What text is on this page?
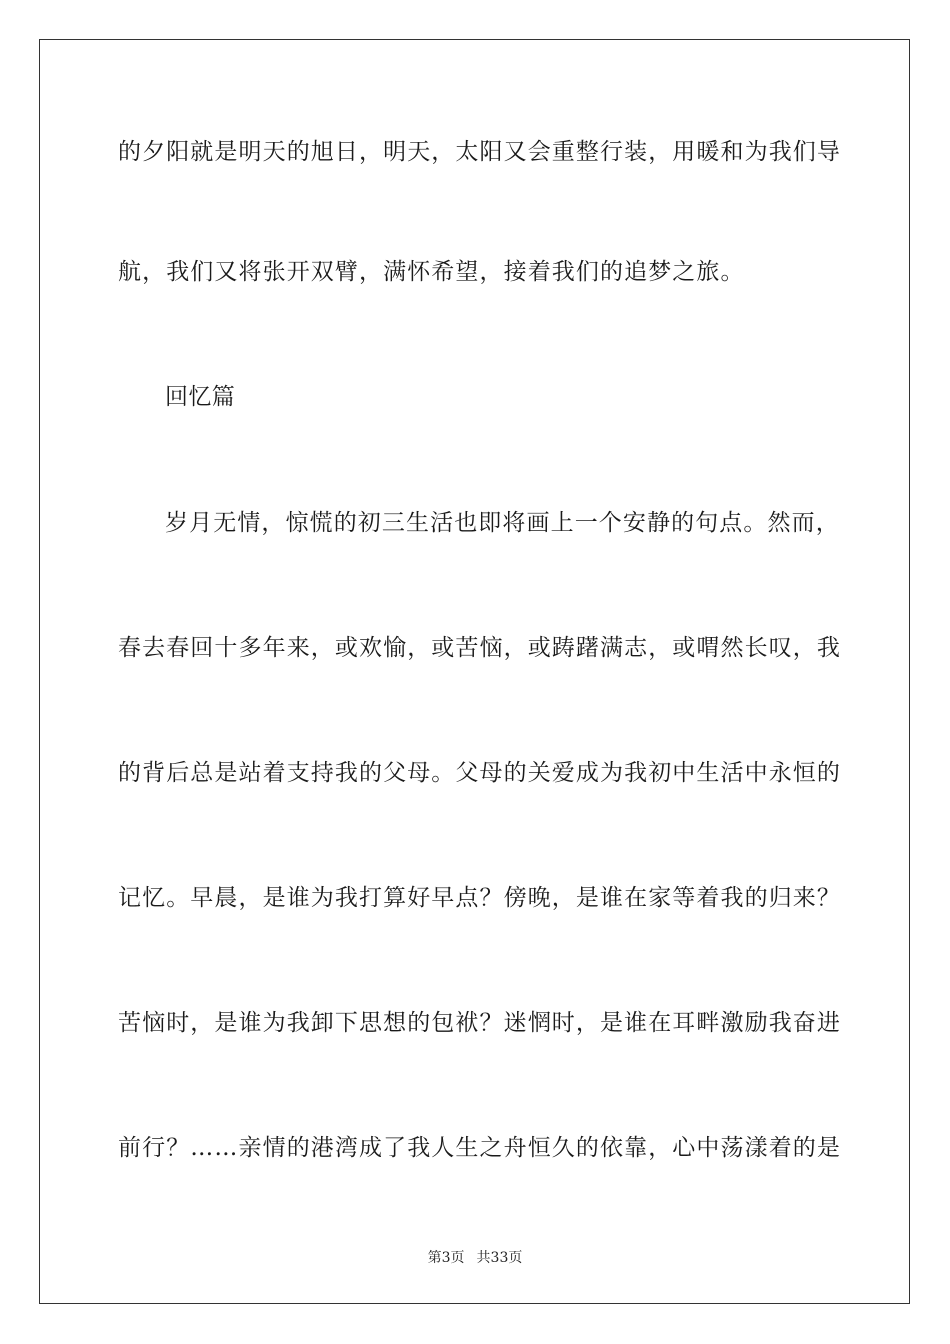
的夕阳就是明天的旭日，明天，太阳又会重整行装，用暖和为我们导
航，我们又将张开双臂，满怀希望，接着我们的追梦之旅。
回忆篇
岁月无情，惊慌的初三生活也即将画上一个安静的句点。然而，
春去春回十多年来，或欢愉，或苦恼，或踌躇满志，或喟然长叹，我
的背后总是站着支持我的父母。父母的关爱成为我初中生活中永恒的
记忆。早晨，是谁为我打算好早点？傍晚，是谁在家等着我的归来？
苦恼时，是谁为我卸下思想的包袱？迷惘时，是谁在耳畔激励我奋进
前行？……亲情的港湾成了我人生之舟恒久的依靠，心中荡漾着的是
第3页 共33页
